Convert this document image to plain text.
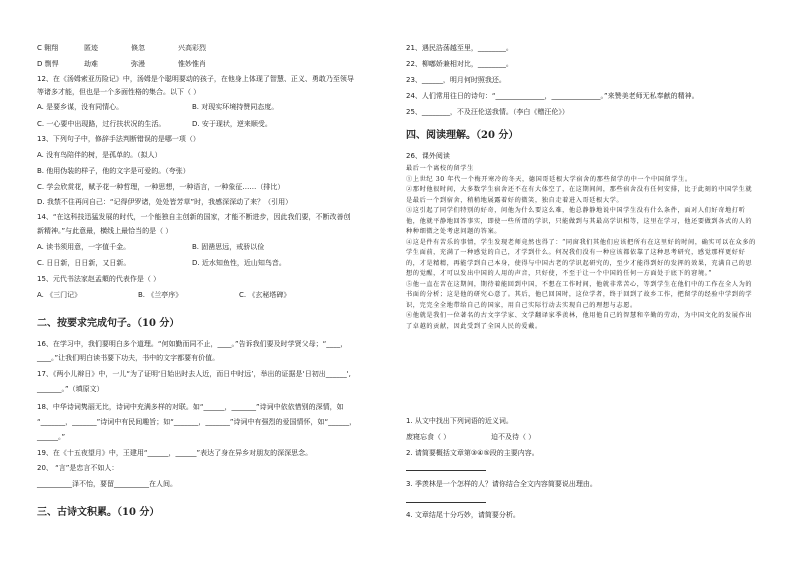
C 翱翔	匿迹	倏忽	兴高彩烈
D 剽悍	劫难	弥漫	惟妙惟肖
12、在《汤姆索亚历险记》中，汤姆是个聪明要动的孩子，在他身上体现了智慧、正义、勇敢乃至领导
等诸多才能，但也是一个多面性格的集合。以下（ ）
A. 是要乡谋，没有同情心。	B. 对现实环境持赞同态度。
C. 一心要中出现路，过行扶状况的生活。	D. 安于现状，逆来顺受。
13、下列句子中，修辞手法判断错误的是哪一项（）
A. 没有鸟陪伴的树，是孤单的。（拟人）
B. 他用伪装的样子，他的文字是可爱的。（夸张）
C. 学会欣赏花，赋予花一种哲理，一种思想，一种语言，一种象征……（排比）
D. 我禁不住再问自己：“记得伊罗诸，处处皆芳草”时，我感深深动了来？（引用）
14、“在这科技迅猛发展的时代，一个能独自主创新的国家，才能不断进步，因此我们要，不断改善创
新精神。”与此意最，横线上最恰当的是（ ）
A. 读书须用意，一字值千金。	B. 固凿思远，戒骄以俭
C. 日日新，日日新，又日新。	D. 近水知鱼性，近山知鸟音。
15、元代书法家赵孟頫的代表作是（ ）
A. 《三门记》	B. 《兰亭序》	C. 《玄秘塔碑》
二、按要求完成句子。（10 分）
16、在学习中，我们要明白多个道理。“何如勤而同不止，____。”告诉我们要及时学贤父母；“____，
____。”让我们明白读书要下功夫，书中的文字都要有价值。
17、《两小儿辩日》中，一儿“为了证明‘日始出时去人近，而日中时远’，举出的证据是‘日初出______',
_______。”（填原文）
18、中华诗词隽丽无比，诗词中充满多样的对联。如“______，_______”诗词中依依惜别的深情，如
“_______，_______”诗词中有民间趣旨；如“_______，_______”诗词中有强烈的爱国情怀，如“______，
______。”
19、在《十五夜望月》中，王建用“______，______”表达了身在异乡对朋友的深深思念。
20、 “言”是忠言不如人：
__________泽不怡，要留__________在人间。
三、古诗文积累。（10 分）
21、遇民浩荡越至里，________。
22、柳嘟娇兼相对比，________。
23、______，明月何时照我还。
24、人们常用往日的诗句：“______________，______________。”来赞美老师无私奉献的精神。
25、________，不及汪伦送我情。（李白《赠汪伦》）
四、阅读理解。（20 分）
26、课外阅读

最后一个离校的留学生

①上世纪 30 年代一个梅开寒冷的冬天，德国哥廷根大学宿舍的那些留学的中一个中国留学生。

②那时他很时间，大多数学生宿舍还不在有大体空了，在这期间间，那些宿舍没有任何安排，比于此刻的中国学生就是最后一个到宿舍，稍稍地展露着好的微笑，独自走着进入哥廷根大学。

③这引起了同学们特别的好奇，问他为什么要这么难，他总静静地说中国学生没有什么条件，面对人们好奇地打听他，他就平静地回答事实，即使一些所谓的学识，只能做到与其最高学识相等，这里在学习，他还要做到各式的人的种种细微之处考虑问题的答案。

④这是件有苦乐的事情，学生发现老师竟然也得了：“同窗我们其他们应该把所有在这里好的时间，确实可以在众多的学生面前，充满了一种感觉的自己，才学到什么。何况我们没有一种应该都依靠了这种思考研究，感觉那样更好好的，才是精精，再能学到自己本身，使得与中国古老的学识起研究的，至少才能得到好的发挥的效果，充满自己的思想的觉醒，才可以发出中国的人用的声音，只好使，不至于让一个中国的任何一方面处于底下的窘境。”

⑤他一直在苦在这期间，期待着能回到中国，不想在工作时间，他就非常苦心，等到学生在他们中的工作在全人为的书面的分析；这是他的研究心意了。其后，他已回国时，这位学者，终于回到了故乡工作，把留学的经验中学到的学识，完完全全地带给自己的国家，用自己实际行动去实现自己的理想与志愿。

⑥他就是我们一位著名的古文字学家、文学翻译家季羡林，他用他自己的智慧和辛勤的劳动，为中国文化的发展作出了卓越的贡献，因此受到了全国人民的爱戴。

1. 从文中找出下列词语的近义词。
废寝忘食（ ）	迫不及待（ ）
2. 请简要概括文章第③④⑤段的主要内容。
3. 季羡林是一个怎样的人？请你结合全文内容简要说出理由。
4. 文章结尾十分巧妙，请简要分析。
